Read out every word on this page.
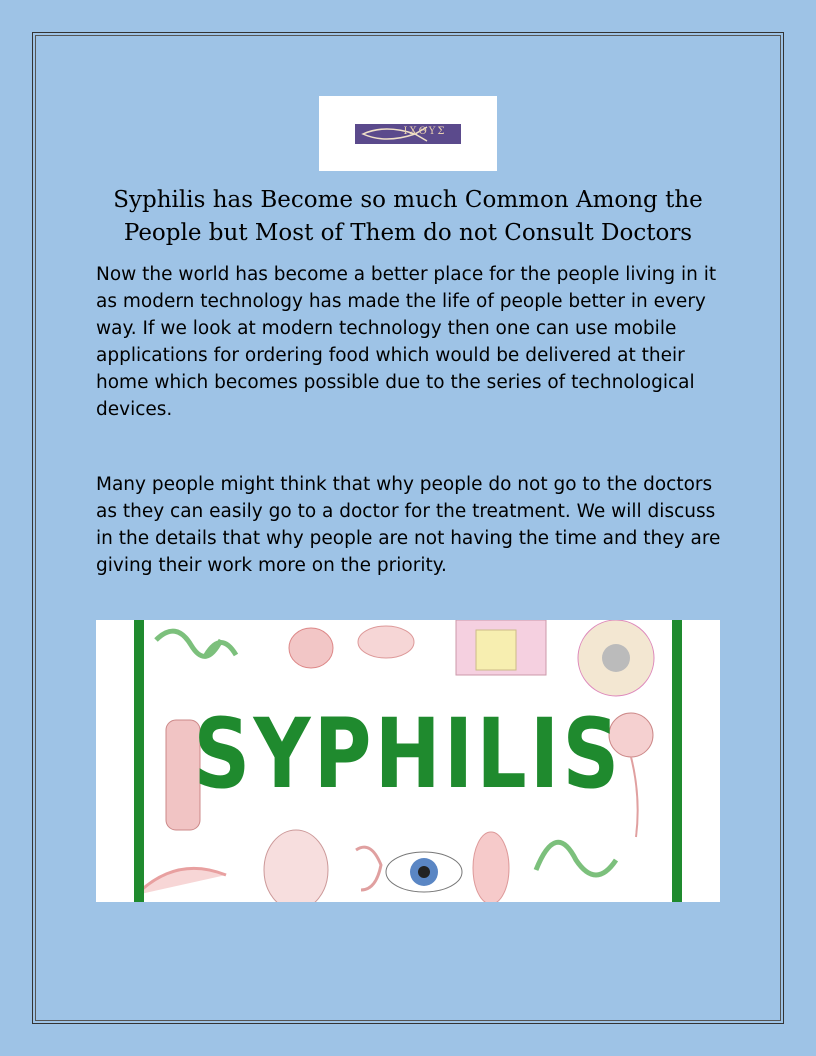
ΙΧΘΥΣ
Syphilis has Become so much Common Among the People but Most of Them do not Consult Doctors

Now the world has become a better place for the people living in it as modern technology has made the life of people better in every way. If we look at modern technology then one can use mobile applications for ordering food which would be delivered at their home which becomes possible due to the series of technological devices.

Many people might think that why people do not go to the doctors as they can easily go to a doctor for the treatment. We will discuss in the details that why people are not having the time and they are giving their work more on the priority.

SYPHILIS
